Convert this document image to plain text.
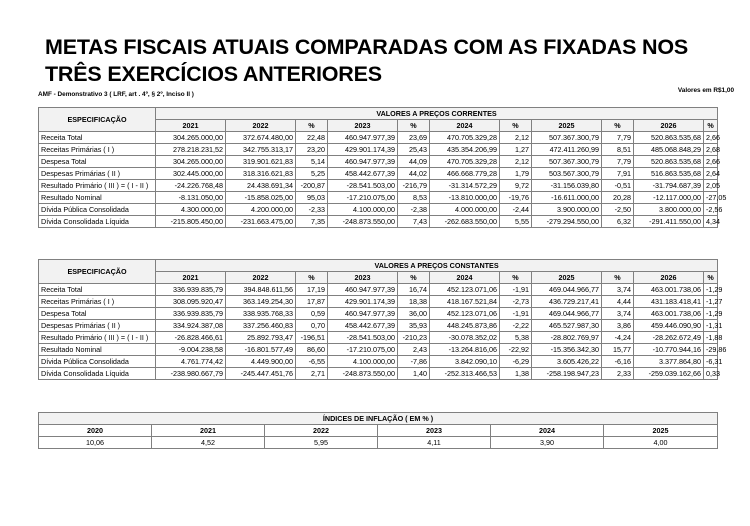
METAS FISCAIS ATUAIS COMPARADAS COM AS FIXADAS NOS TRÊS EXERCÍCIOS ANTERIORES
AMF - Demonstrativo 3 ( LRF, art . 4º, § 2º, Inciso II )
Valores em R$1,00
ESPECIFICAÇÃO	VALORES A PREÇOS CORRENTES										
	2021	2022	%	2023	%	2024	%	2025	%	2026	%
Receita Total	304.265.000,00	372.674.480,00	22,48	460.947.977,39	23,69	470.705.329,28	2,12	507.367.300,79	7,79	520.863.535,68	2,66
Receitas Primárias ( I )	278.218.231,52	342.755.313,17	23,20	429.901.174,39	25,43	435.354.206,99	1,27	472.411.260,99	8,51	485.068.848,29	2,68
Despesa Total	304.265.000,00	319.901.621,83	5,14	460.947.977,39	44,09	470.705.329,28	2,12	507.367.300,79	7,79	520.863.535,68	2,66
Despesas Primárias ( II )	302.445.000,00	318.316.621,83	5,25	458.442.677,39	44,02	466.668.779,28	1,79	503.567.300,79	7,91	516.863.535,68	2,64
Resultado Primário ( III ) = ( I - II )	-24.226.768,48	24.438.691,34	-200,87	-28.541.503,00	-216,79	-31.314.572,29	9,72	-31.156.039,80	-0,51	-31.794.687,39	2,05
Resultado Nominal	-8.131.050,00	-15.858.025,00	95,03	-17.210.075,00	8,53	-13.810.000,00	-19,76	-16.611.000,00	20,28	-12.117.000,00	-27,05
Dívida Pública Consolidada	4.300.000,00	4.200.000,00	-2,33	4.100.000,00	-2,38	4.000.000,00	-2,44	3.900.000,00	-2,50	3.800.000,00	-2,56
Dívida Consolidada Líquida	-215.805.450,00	-231.663.475,00	7,35	-248.873.550,00	7,43	-262.683.550,00	5,55	-279.294.550,00	6,32	-291.411.550,00	4,34
ESPECIFICAÇÃO	VALORES A PREÇOS CONSTANTES										
	2021	2022	%	2023	%	2024	%	2025	%	2026	%
Receita Total	336.939.835,79	394.848.611,56	17,19	460.947.977,39	16,74	452.123.071,06	-1,91	469.044.966,77	3,74	463.001.738,06	-1,29
Receitas Primárias ( I )	308.095.920,47	363.149.254,30	17,87	429.901.174,39	18,38	418.167.521,84	-2,73	436.729.217,41	4,44	431.183.418,41	-1,27
Despesa Total	336.939.835,79	338.935.768,33	0,59	460.947.977,39	36,00	452.123.071,06	-1,91	469.044.966,77	3,74	463.001.738,06	-1,29
Despesas Primárias ( II )	334.924.387,08	337.256.460,83	0,70	458.442.677,39	35,93	448.245.873,86	-2,22	465.527.987,30	3,86	459.446.090,90	-1,31
Resultado Primário ( III ) = ( I - II )	-26.828.466,61	25.892.793,47	-196,51	-28.541.503,00	-210,23	-30.078.352,02	5,38	-28.802.769,97	-4,24	-28.262.672,49	-1,88
Resultado Nominal	-9.004.238,58	-16.801.577,49	86,60	-17.210.075,00	2,43	-13.264.816,06	-22,92	-15.356.342,30	15,77	-10.770.944,16	-29,86
Dívida Pública Consolidada	4.761.774,42	4.449.900,00	-6,55	4.100.000,00	-7,86	3.842.090,10	-6,29	3.605.426,22	-6,16	3.377.864,80	-6,31
Dívida Consolidada Líquida	-238.980.667,79	-245.447.451,76	2,71	-248.873.550,00	1,40	-252.313.466,53	1,38	-258.198.947,23	2,33	-259.039.162,66	0,33
ÍNDICES DE INFLAÇÃO ( EM % )					
2020	2021	2022	2023	2024	2025
10,06	4,52	5,95	4,11	3,90	4,00
